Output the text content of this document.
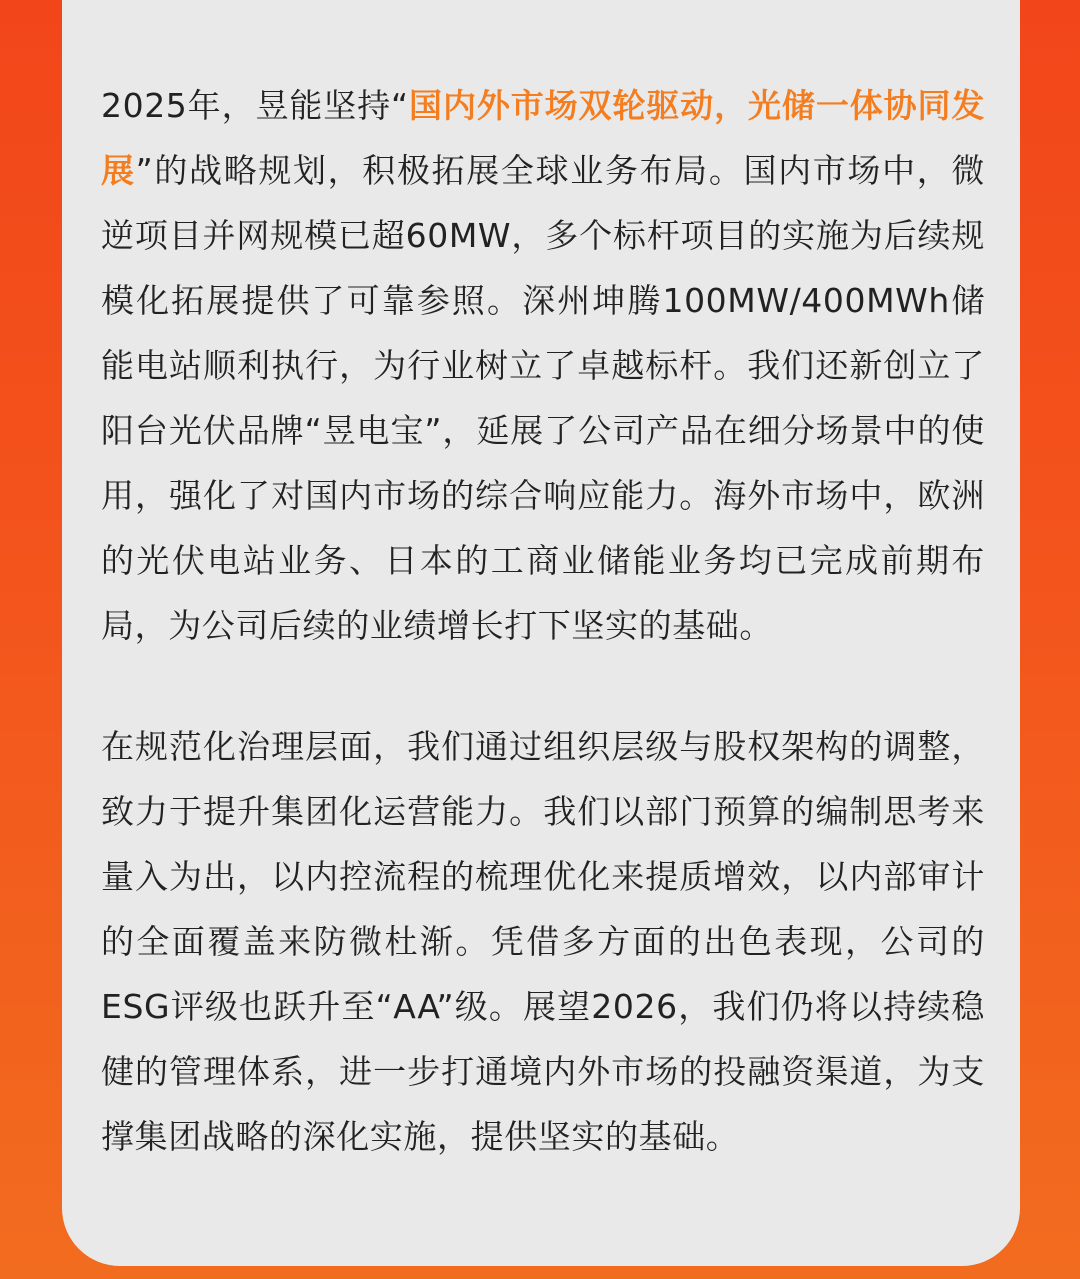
2025年，昱能坚持“国内外市场双轮驱动，光储一体协同发展”的战略规划，积极拓展全球业务布局。国内市场中，微逆项目并网规模已超60MW，多个标杆项目的实施为后续规模化拓展提供了可靠参照。深州坤腾100MW/400MWh储能电站顺利执行，为行业树立了卓越标杆。我们还新创立了阳台光伏品牌“昱电宝”，延展了公司产品在细分场景中的使用，强化了对国内市场的综合响应能力。海外市场中，欧洲的光伏电站业务、日本的工商业储能业务均已完成前期布局，为公司后续的业绩增长打下坚实的基础。

在规范化治理层面，我们通过组织层级与股权架构的调整，致力于提升集团化运营能力。我们以部门预算的编制思考来量入为出，以内控流程的梳理优化来提质增效，以内部审计的全面覆盖来防微杜渐。凭借多方面的出色表现，公司的ESG评级也跃升至“AA”级。展望2026，我们仍将以持续稳健的管理体系，进一步打通境内外市场的投融资渠道，为支撑集团战略的深化实施，提供坚实的基础。
